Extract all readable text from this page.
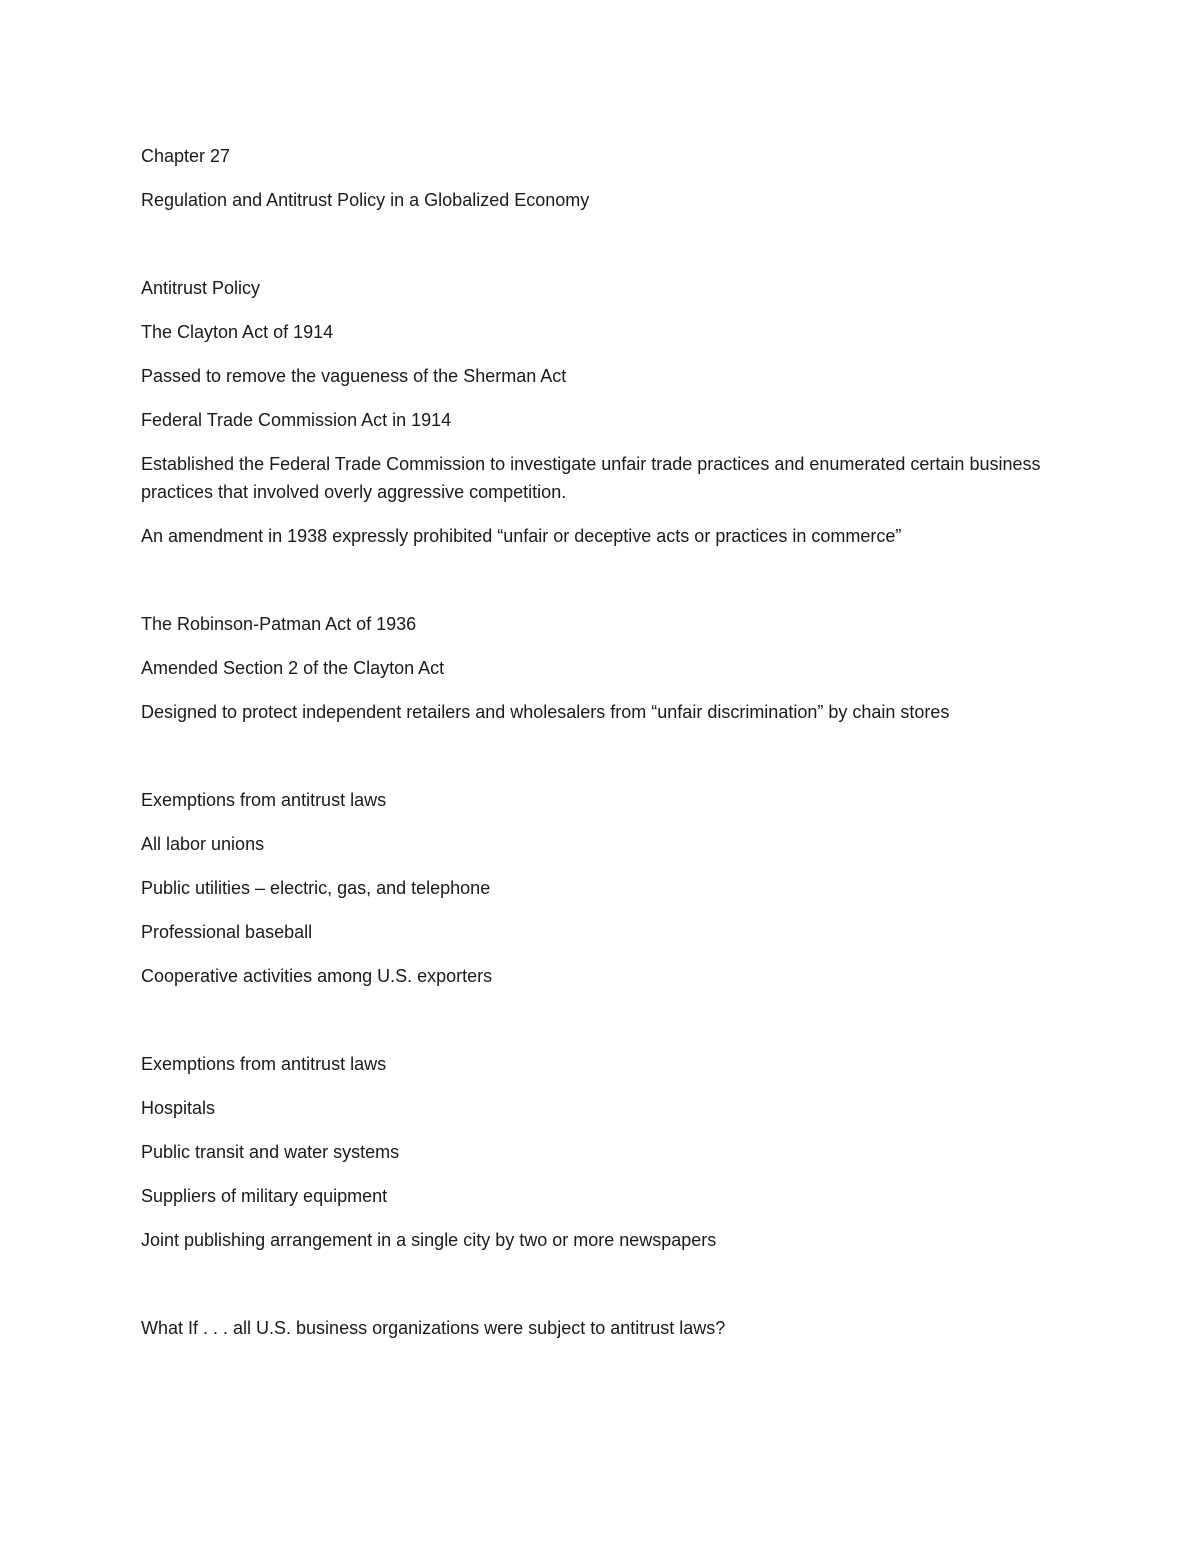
Chapter 27
Regulation and Antitrust Policy in a Globalized Economy
Antitrust Policy
The Clayton Act of 1914
Passed to remove the vagueness of the Sherman Act
Federal Trade Commission Act in 1914
Established the Federal Trade Commission to investigate unfair trade practices and enumerated certain business practices that involved overly aggressive competition.
An amendment in 1938 expressly prohibited “unfair or deceptive acts or practices in commerce”
The Robinson-Patman Act of 1936
Amended Section 2 of the Clayton Act
Designed to protect independent retailers and wholesalers from “unfair discrimination” by chain stores
Exemptions from antitrust laws
All labor unions
Public utilities – electric, gas, and telephone
Professional baseball
Cooperative activities among U.S. exporters
Exemptions from antitrust laws
Hospitals
Public transit and water systems
Suppliers of military equipment
Joint publishing arrangement in a single city by two or more newspapers
What If . . . all U.S. business organizations were subject to antitrust laws?
